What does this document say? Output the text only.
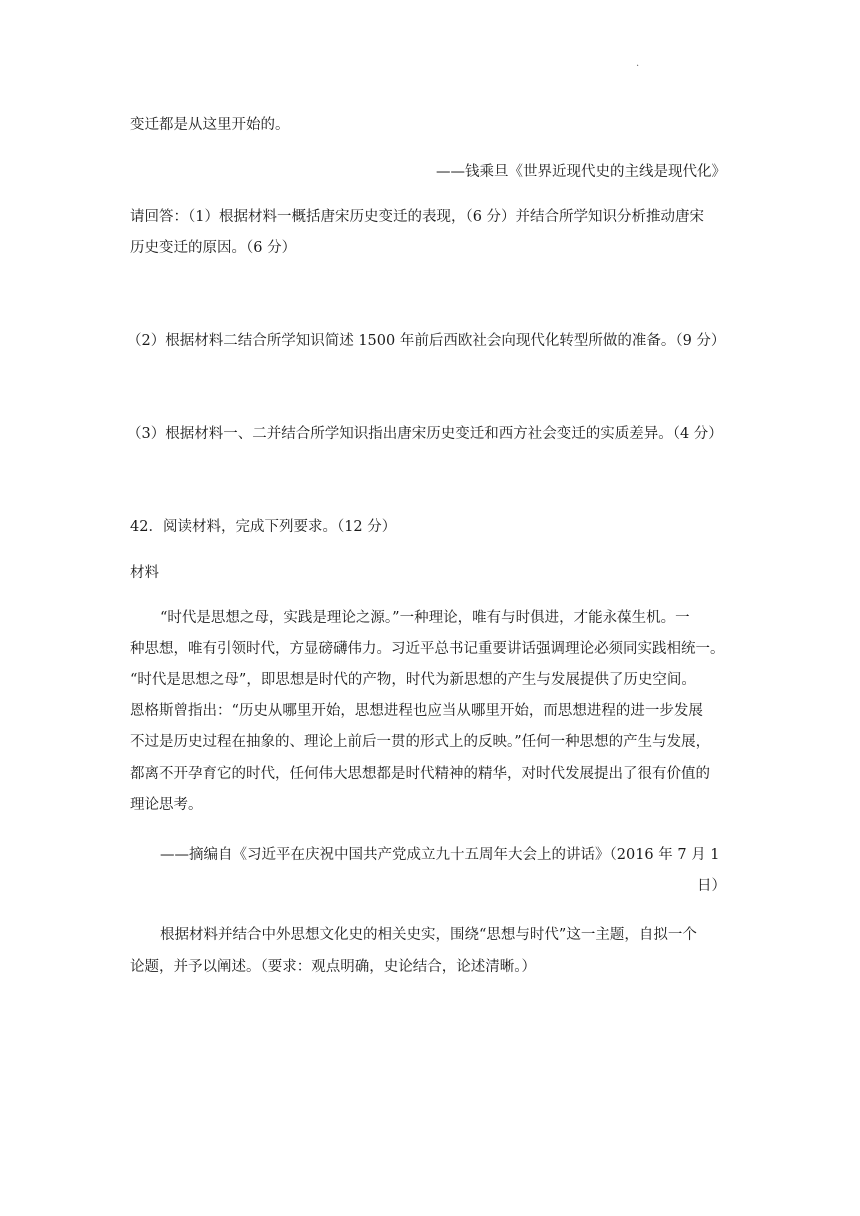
.
变迁都是从这里开始的。
——钱乘旦《世界近现代史的主线是现代化》
请回答：（1）根据材料一概括唐宋历史变迁的表现，（6 分）并结合所学知识分析推动唐宋
历史变迁的原因。（6 分）
（2）根据材料二结合所学知识简述 1500 年前后西欧社会向现代化转型所做的准备。（9 分）
（3）根据材料一、二并结合所学知识指出唐宋历史变迁和西方社会变迁的实质差异。（4 分）
42．阅读材料，完成下列要求。（12 分）
材料
“时代是思想之母，实践是理论之源。”一种理论，唯有与时俱进，才能永葆生机。一
种思想，唯有引领时代，方显磅礴伟力。习近平总书记重要讲话强调理论必须同实践相统一。
“时代是思想之母”，即思想是时代的产物，时代为新思想的产生与发展提供了历史空间。
恩格斯曾指出：“历史从哪里开始，思想进程也应当从哪里开始，而思想进程的进一步发展
不过是历史过程在抽象的、理论上前后一贯的形式上的反映。”任何一种思想的产生与发展，
都离不开孕育它的时代，任何伟大思想都是时代精神的精华，对时代发展提出了很有价值的
理论思考。
——摘编自《习近平在庆祝中国共产党成立九十五周年大会上的讲话》（2016 年 7 月 1
日）
根据材料并结合中外思想文化史的相关史实，围绕“思想与时代”这一主题，自拟一个
论题，并予以阐述。（要求：观点明确，史论结合，论述清晰。）
